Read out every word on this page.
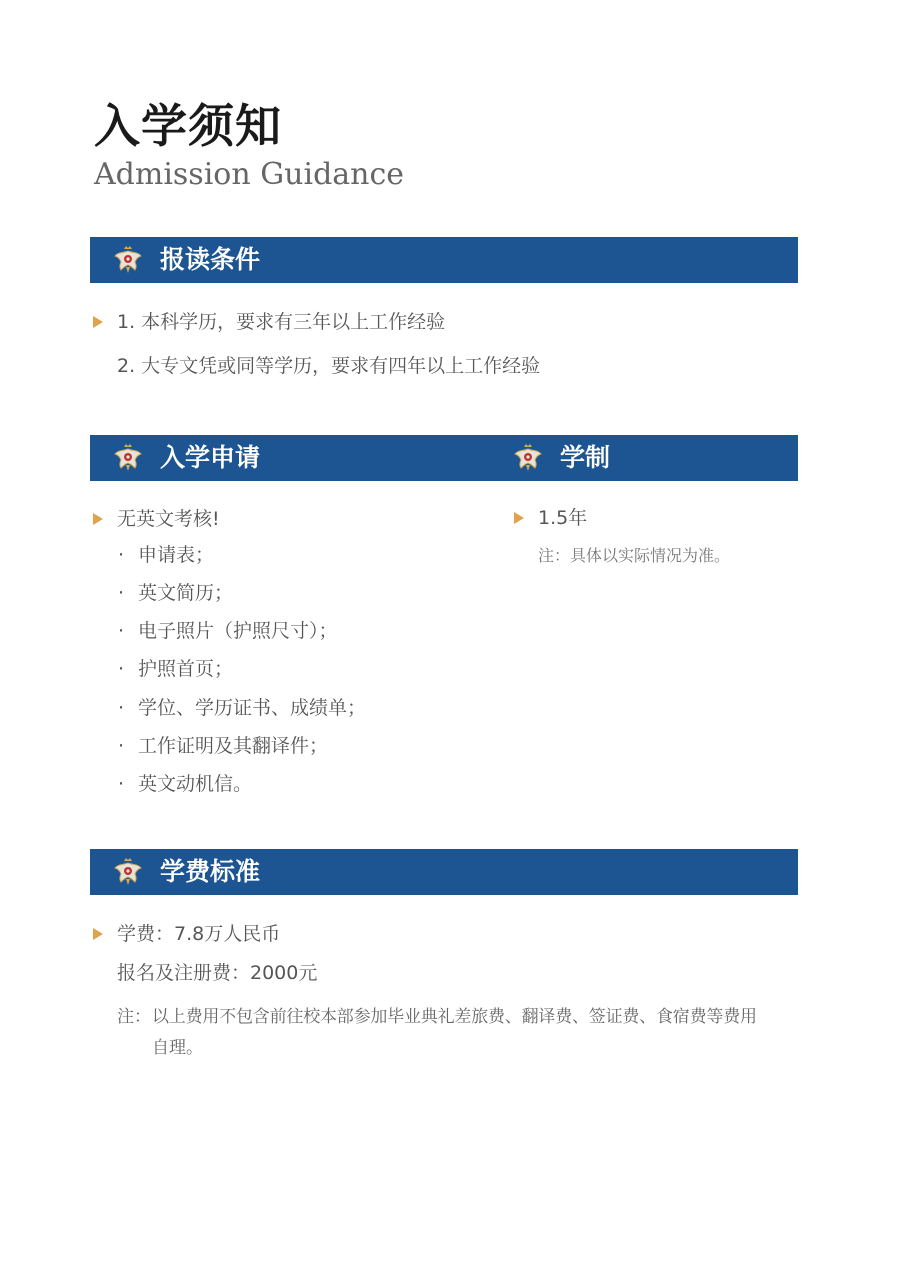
入学须知
Admission Guidance
报读条件
1. 本科学历，要求有三年以上工作经验
2. 大专文凭或同等学历，要求有四年以上工作经验
入学申请	学制
无英文考核!
· 申请表；
· 英文简历；
· 电子照片（护照尺寸）；
· 护照首页；
· 学位、学历证书、成绩单；
· 工作证明及其翻译件；
· 英文动机信。
1.5年
注：具体以实际情况为准。
学费标准
学费：7.8万人民币
报名及注册费：2000元
注： 以上费用不包含前往校本部参加毕业典礼差旅费、翻译费、签证费、食宿费等费用
自理。
